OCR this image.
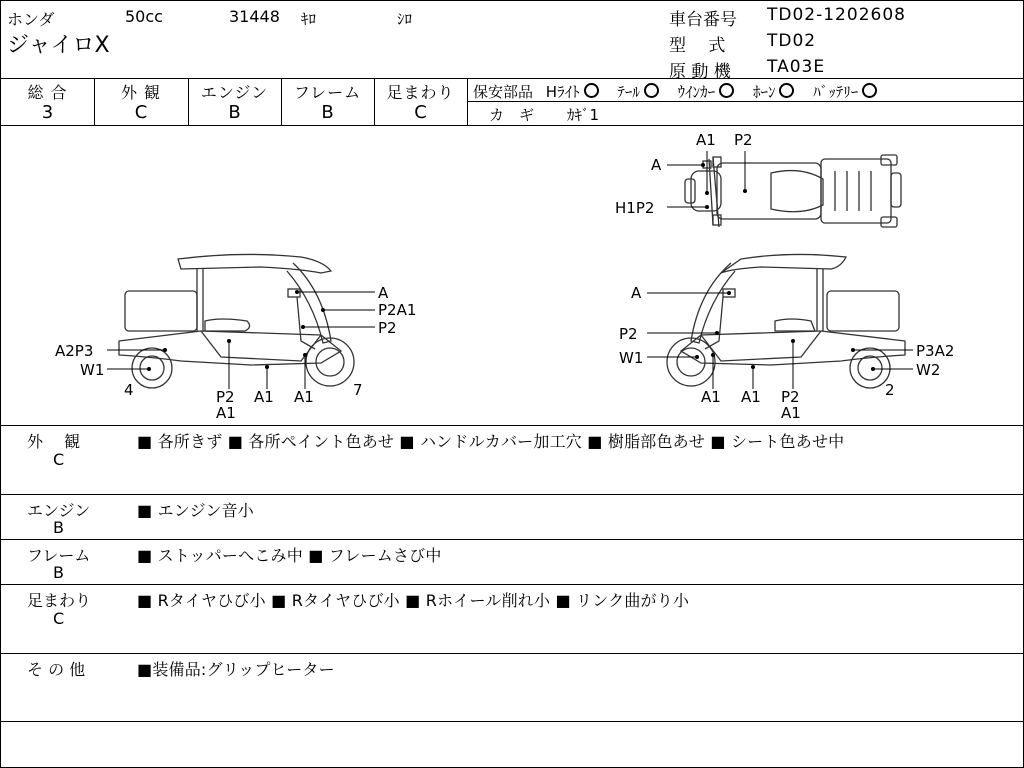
ホンダ	50cc	31448 ｷﾛ	ｼﾛ
ジャイロX
車台番号 TD02-1202608
型　 式 TD02
原 動 機 TA03E
総 合
3
外 観
C
エンジン
B
フレーム
B
足まわり
C
保安部品 Hﾗｲﾄ	ﾃｰﾙ	ｳｲﾝｶｰ	ﾎｰﾝ	ﾊﾞｯﾃﾘｰ
カ　ギ ｶｷﾞ1
A1 P2
A
H1P2
A
P2A1
P2
A2P3
W1
4	P2
A1
A1 A1	7
A
P2
W1
A1 A1 P2
A1
P3A2
W2
2
外　 観
C
■ 各所きず ■ 各所ペイント色あせ ■ ハンドルカバー加工穴 ■ 樹脂部色あせ ■ シート色あせ中
エンジン
B
■ エンジン音小
フレーム
B
■ ストッパーへこみ中 ■ フレームさび中
足まわり
C
■ Rタイヤひび小 ■ Rタイヤひび小 ■ Rホイール削れ小 ■ リンク曲がり小
そ の 他	■装備品:グリップヒーター
